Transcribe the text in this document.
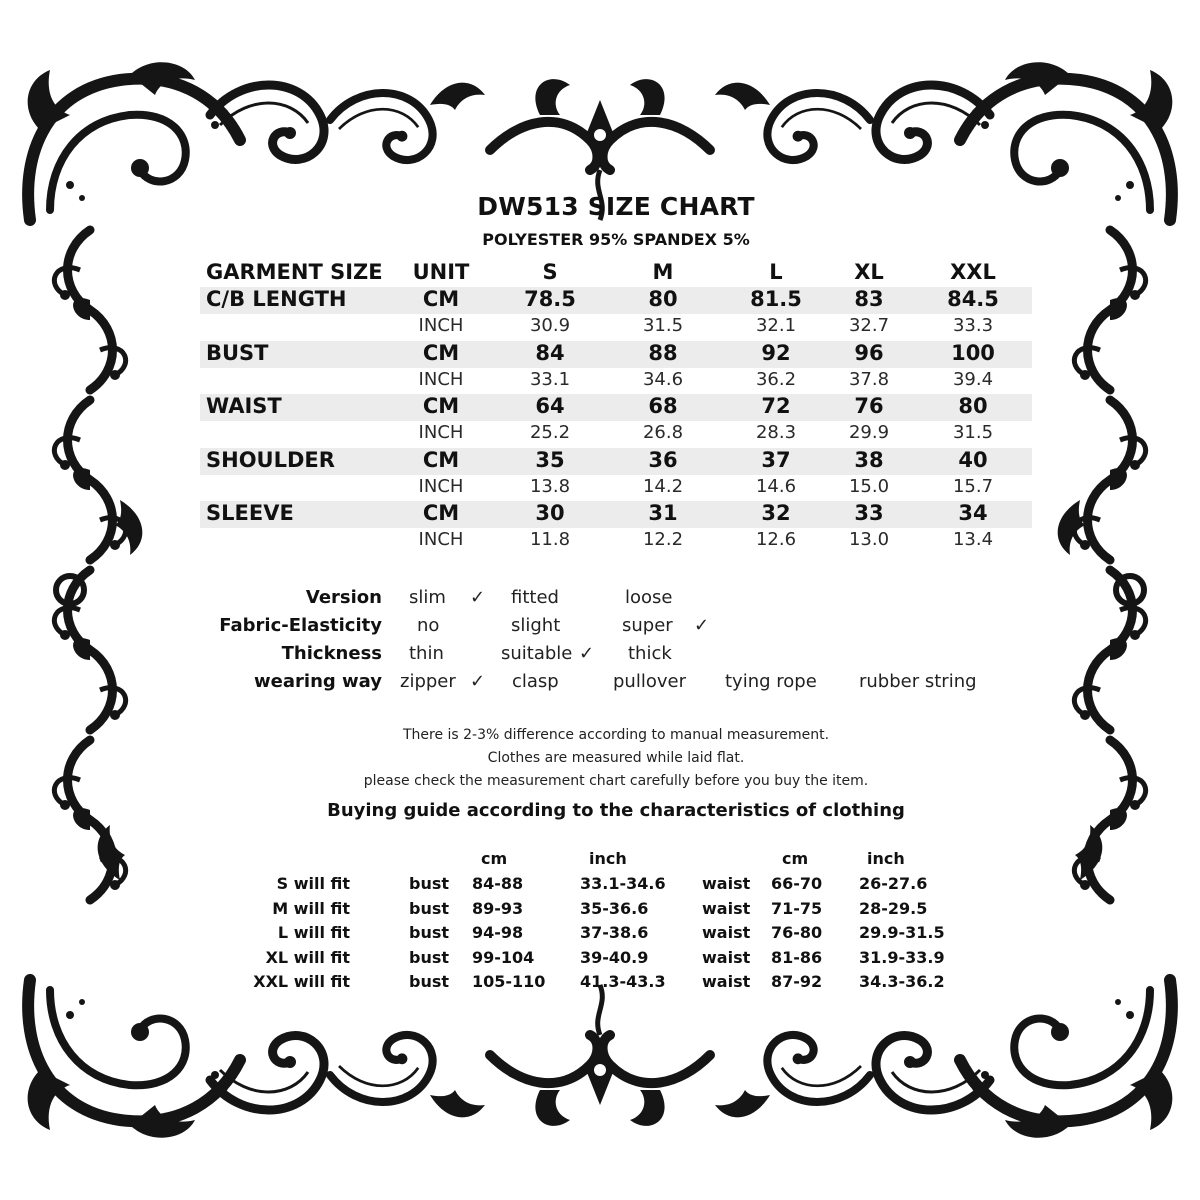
DW513 SIZE CHART
POLYESTER 95% SPANDEX 5%
GARMENT SIZE UNIT	S	M	L	XL	XXL
C/B LENGTH	CM	78.5	80	81.5 83	84.5
INCH	30.9	31.5	32.1	32.7	33.3
BUST	CM	84	88	92	96	100
INCH	33.1	34.6	36.2	37.8	39.4
WAIST	CM	64	68	72	76	80
INCH	25.2	26.8	28.3	29.9	31.5
SHOULDER	CM	35	36	37	38	40
INCH	13.8	14.2	14.6	15.0	15.7
SLEEVE	CM	30	31	32	33	34
INCH	11.8	12.2	12.6	13.0	13.4
Version slim ✓ fitted	loose
Fabric-Elasticity no	slight	super ✓
Thickness thin	suitable ✓ thick
wearing way zipper ✓ clasp	pullover tying rope rubber string
There is 2-3% difference according to manual measurement.
Clothes are measured while laid flat.
please check the measurement chart carefully before you buy the item.
Buying guide according to the characteristics of clothing
cm	inch	cm	inch
S will fit	bust 84-88	33.1-34.6 waist 66-70 26-27.6
M will fit	bust 89-93	35-36.6	waist 71-75 28-29.5
L will fit	bust 94-98	37-38.6	waist 76-80 29.9-31.5
XL will fit	bust 99-104	39-40.9	waist 81-86 31.9-33.9
XXL will fit	bust 105-110 41.3-43.3 waist 87-92 34.3-36.2
